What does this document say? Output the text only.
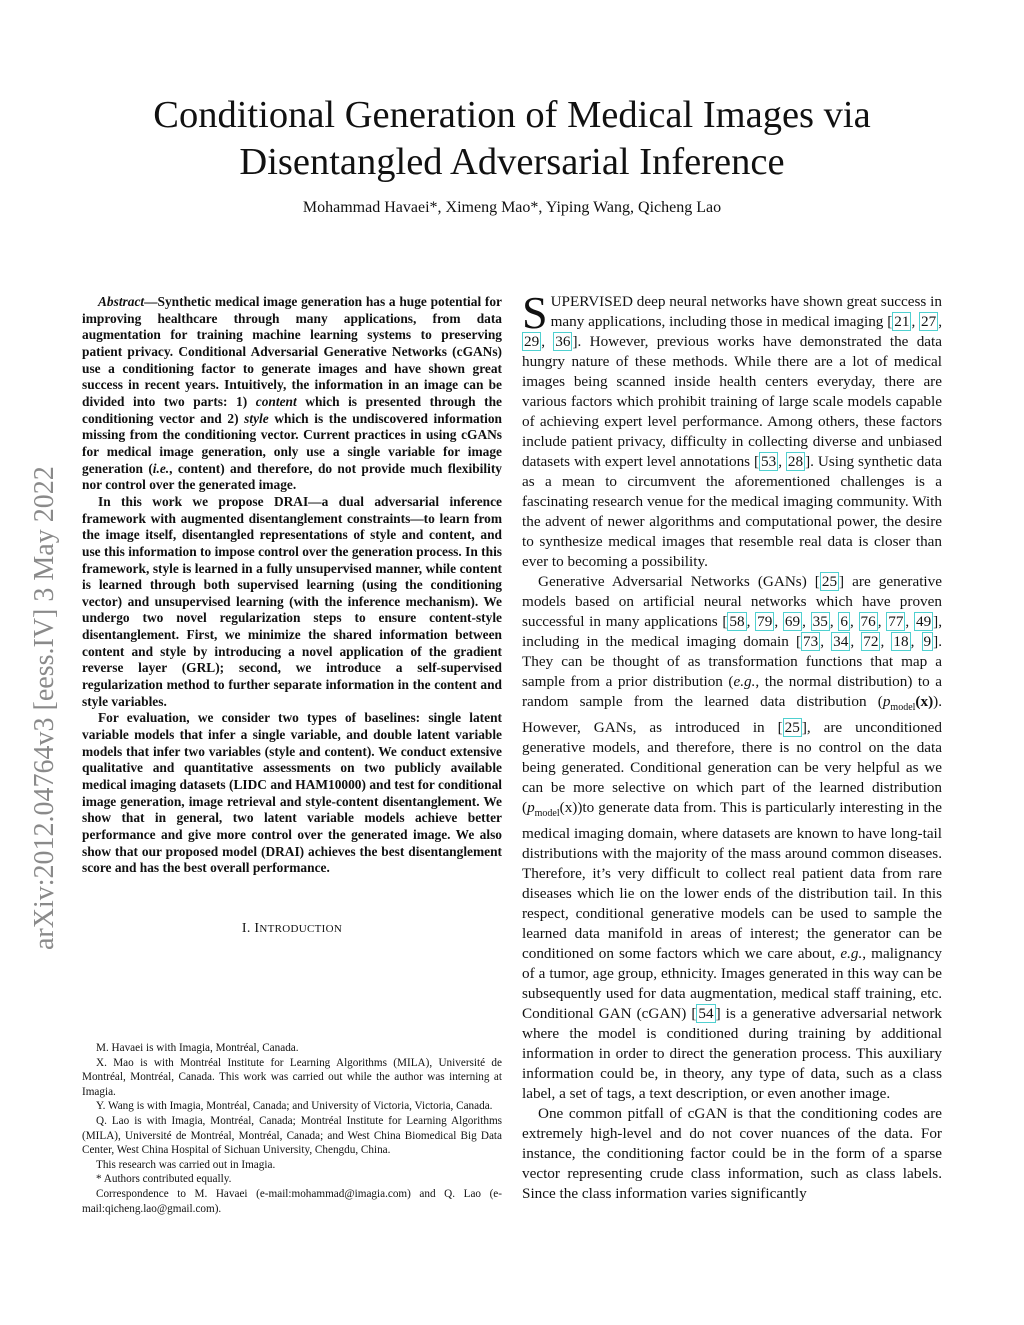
Conditional Generation of Medical Images via
Disentangled Adversarial Inference
Mohammad Havaei*, Ximeng Mao*, Yiping Wang, Qicheng Lao
arXiv:2012.04764v3 [eess.IV] 3 May 2022

Abstract—Synthetic medical image generation has a huge potential for improving healthcare through many applications, from data augmentation for training machine learning systems to preserving patient privacy. Conditional Adversarial Generative Networks (cGANs) use a conditioning factor to generate images and have shown great success in recent years. Intuitively, the information in an image can be divided into two parts: 1) content which is presented through the conditioning vector and 2) style which is the undiscovered information missing from the conditioning vector. Current practices in using cGANs for medical image generation, only use a single variable for image generation (i.e., content) and therefore, do not provide much flexibility nor control over the generated image.

In this work we propose DRAI—a dual adversarial inference framework with augmented disentanglement constraints—to learn from the image itself, disentangled representations of style and content, and use this information to impose control over the generation process. In this framework, style is learned in a fully unsupervised manner, while content is learned through both supervised learning (using the conditioning vector) and unsupervised learning (with the inference mechanism). We undergo two novel regularization steps to ensure content-style disentanglement. First, we minimize the shared information between content and style by introducing a novel application of the gradient reverse layer (GRL); second, we introduce a self-supervised regularization method to further separate information in the content and style variables.

For evaluation, we consider two types of baselines: single latent variable models that infer a single variable, and double latent variable models that infer two variables (style and content). We conduct extensive qualitative and quantitative assessments on two publicly available medical imaging datasets (LIDC and HAM10000) and test for conditional image generation, image retrieval and style-content disentanglement. We show that in general, two latent variable models achieve better performance and give more control over the generated image. We also show that our proposed model (DRAI) achieves the best disentanglement score and has the best overall performance.

I. INTRODUCTION

M. Havaei is with Imagia, Montréal, Canada.

X. Mao is with Montréal Institute for Learning Algorithms (MILA), Université de Montréal, Montréal, Canada. This work was carried out while the author was interning at Imagia.

Y. Wang is with Imagia, Montréal, Canada; and University of Victoria, Victoria, Canada.

Q. Lao is with Imagia, Montréal, Canada; Montréal Institute for Learning Algorithms (MILA), Université de Montréal, Montréal, Canada; and West China Biomedical Big Data Center, West China Hospital of Sichuan University, Chengdu, China.

This research was carried out in Imagia.

* Authors contributed equally.

Correspondence to M. Havaei (e-mail:mohammad@imagia.com) and Q. Lao (e-mail:qicheng.lao@gmail.com).

SUPERVISED deep neural networks have shown great success in many applications, including those in medical imaging [ 21 , 27 , 29 , 36 ]. However, previous works have demonstrated the data hungry nature of these methods. While there are a lot of medical images being scanned inside health centers everyday, there are various factors which prohibit training of large scale models capable of achieving expert level performance. Among others, these factors include patient privacy, difficulty in collecting diverse and unbiased datasets with expert level annotations [ 53 , 28 ]. Using synthetic data as a mean to circumvent the aforementioned challenges is a fascinating research venue for the medical imaging community. With the advent of newer algorithms and computational power, the desire to synthesize medical images that resemble real data is closer than ever to becoming a possibility.

Generative Adversarial Networks (GANs) [ 25 ] are generative models based on artificial neural networks which have proven successful in many applications [ 58 , 79 , 69 , 35 , 6 , 76 , 77 , 49 ], including in the medical imaging domain [ 73 , 34 , 72 , 18 , 9 ]. They can be thought of as transformation functions that map a sample from a prior distribution (e.g., the normal distribution) to a random sample from the learned data distribution $(p_{model}(x))$. However, GANs, as introduced in [ 25 ], are unconditioned generative models, and therefore, there is no control on the data being generated. Conditional generation can be very helpful as we can be more selective on which part of the learned distribution $(p_{model}(x))to$ generate data from. This is particularly interesting in the medical imaging domain, where datasets are known to have long-tail distributions with the majority of the mass around common diseases. Therefore, it’s very difficult to collect real patient data from rare diseases which lie on the lower ends of the distribution tail. In this respect, conditional generative models can be used to sample the learned data manifold in areas of interest; the generator can be conditioned on some factors which we care about, e.g., malignancy of a tumor, age group, ethnicity. Images generated in this way can be subsequently used for data augmentation, medical staff training, etc. Conditional GAN (cGAN) [ 54 ] is a generative adversarial network where the model is conditioned during training by additional information in order to direct the generation process. This auxiliary information could be, in theory, any type of data, such as a class label, a set of tags, a text description, or even another image.

One common pitfall of cGAN is that the conditioning codes are extremely high-level and do not cover nuances of the data. For instance, the conditioning factor could be in the form of a sparse vector representing crude class information, such as class labels. Since the class information varies significantly
